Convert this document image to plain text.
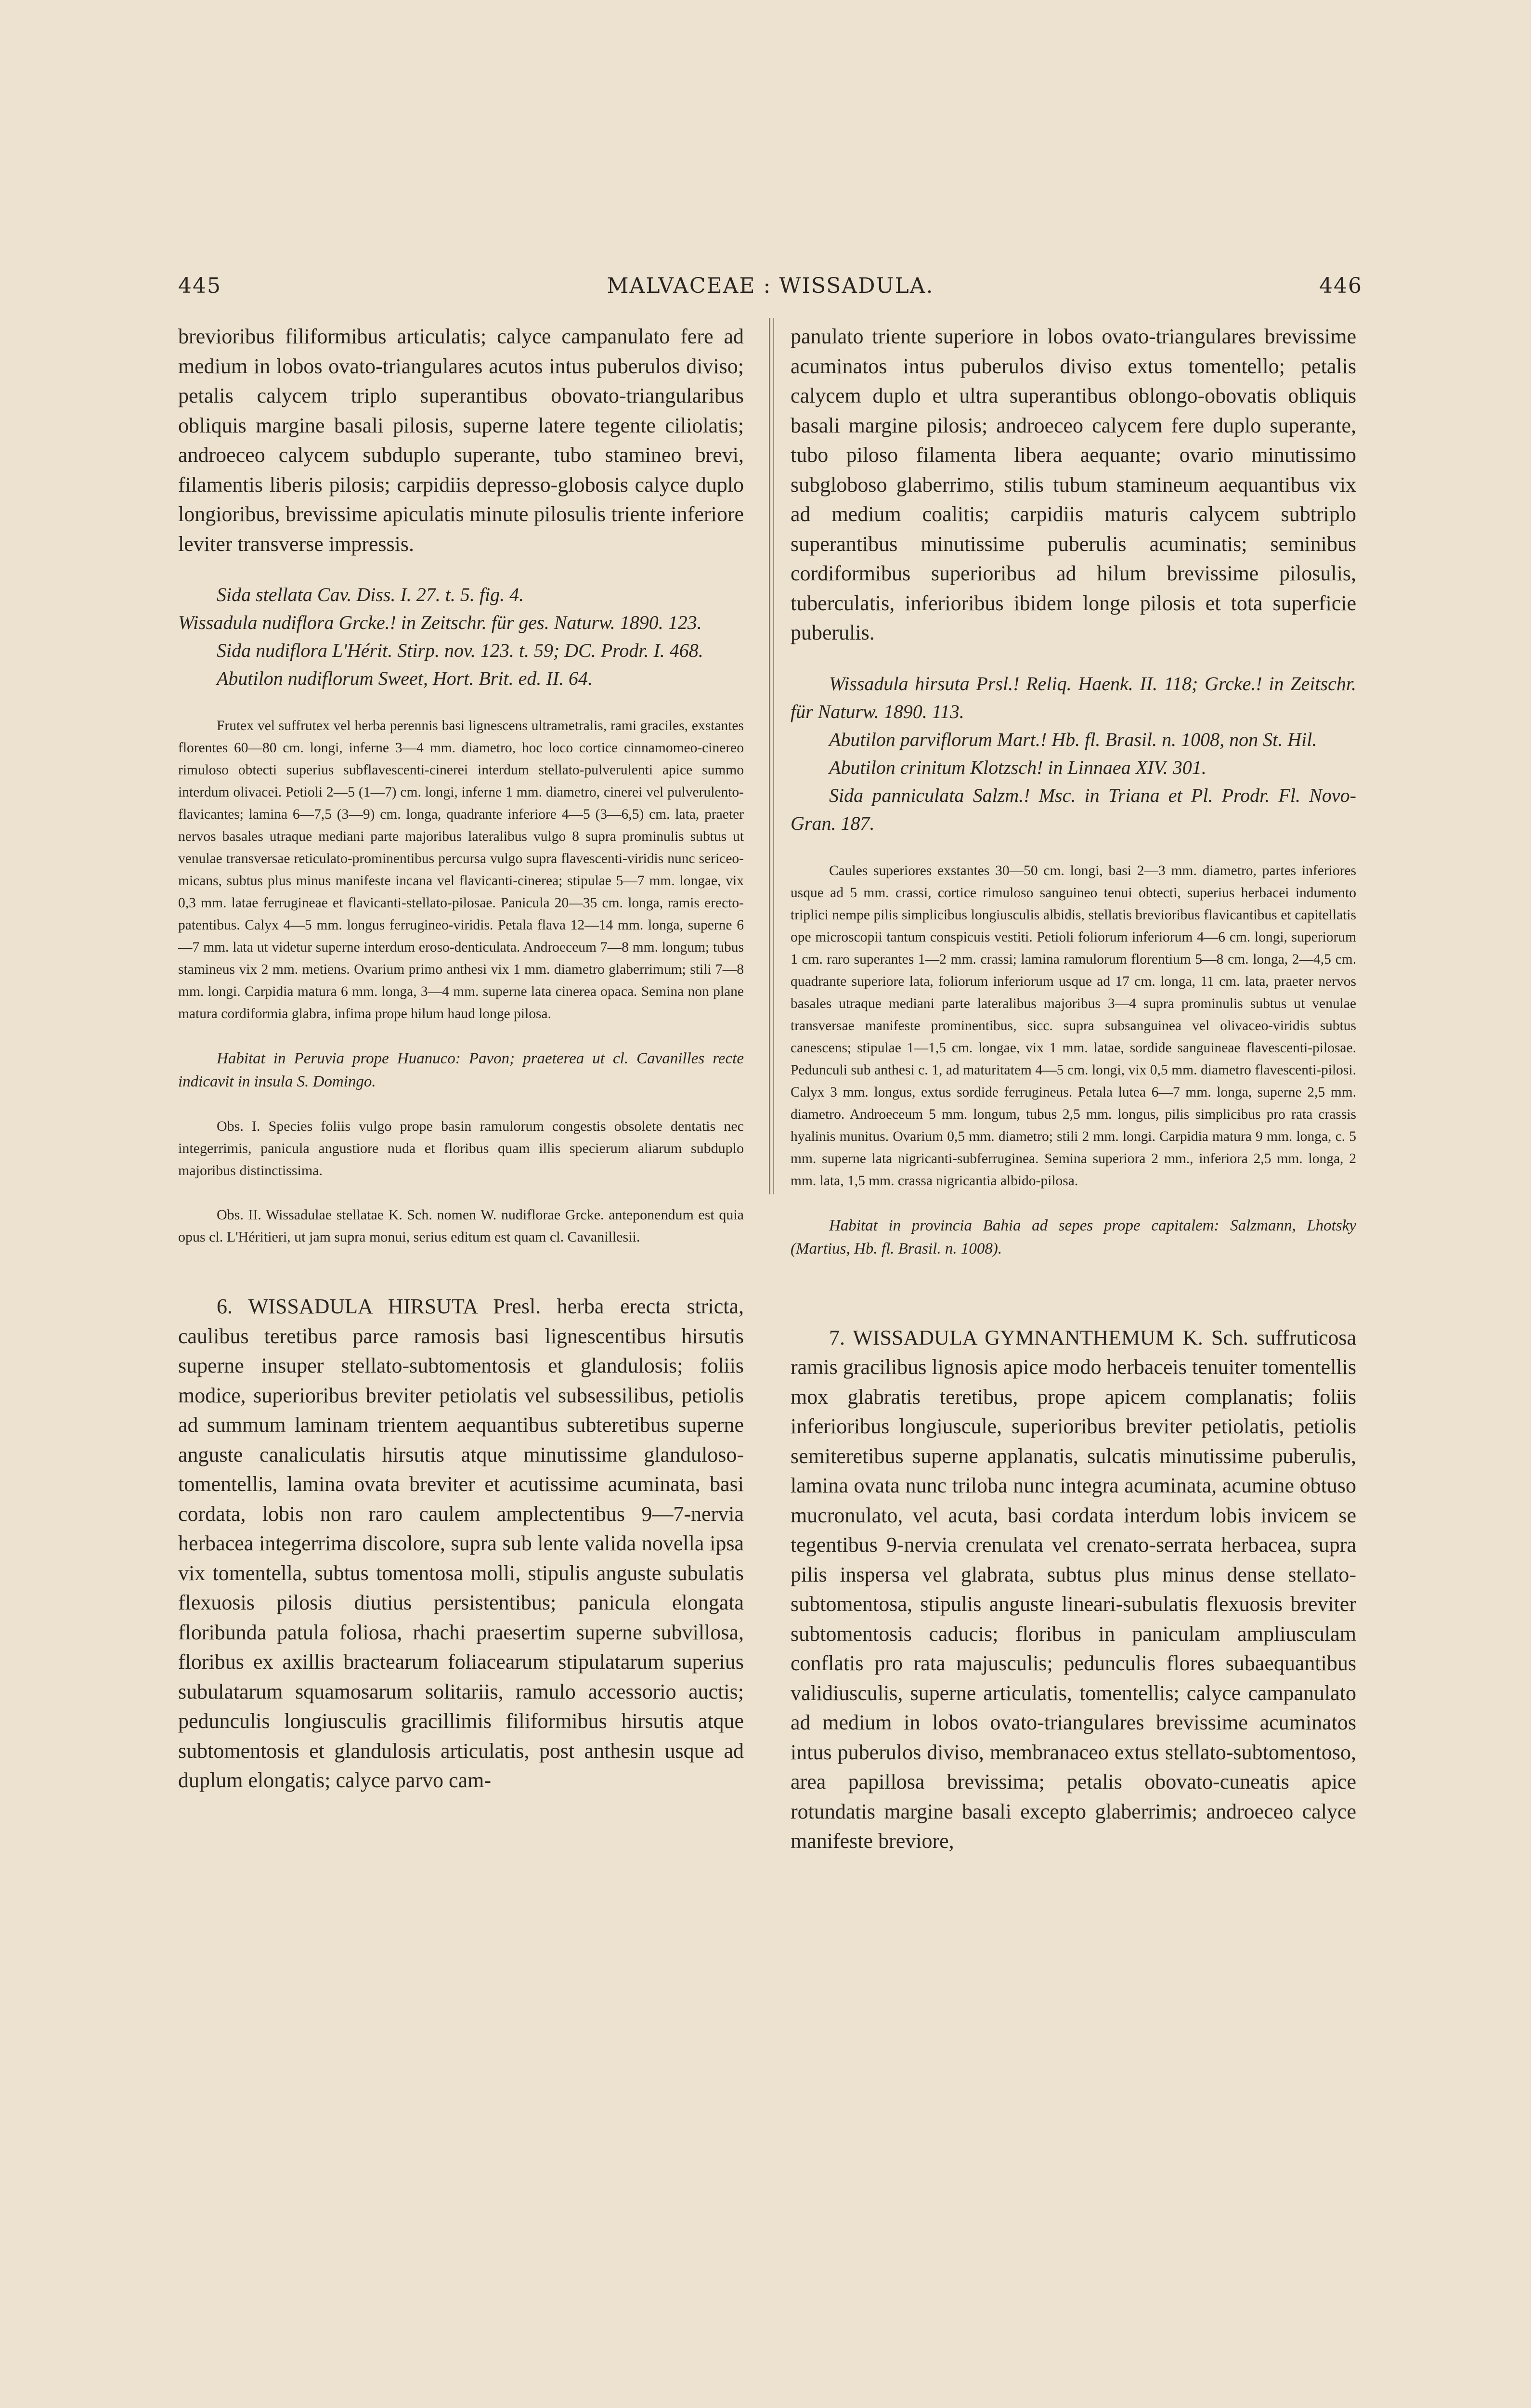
445	MALVACEAE : WISSADULA.	446

brevioribus filiformibus articulatis; calyce campanulato fere ad medium in lobos ovato-triangulares acutos intus puberulos diviso; petalis calycem triplo superantibus obovato-triangularibus obliquis margine basali pilosis, superne latere tegente ciliolatis; androeceo calycem subduplo superante, tubo stamineo brevi, filamentis liberis pilosis; carpidiis depresso-globosis calyce duplo longioribus, brevissime apiculatis minute pilosulis triente inferiore leviter transverse impressis.

Sida stellata Cav. Diss. I. 27. t. 5. fig. 4.

Wissadula nudiflora Grcke.! in Zeitschr. für ges. Naturw. 1890. 123.

Sida nudiflora L'Hérit. Stirp. nov. 123. t. 59; DC. Prodr. I. 468.

Abutilon nudiflorum Sweet, Hort. Brit. ed. II. 64.

Frutex vel suffrutex vel herba perennis basi lignescens ultrametralis, rami graciles, exstantes florentes 60—80 cm. longi, inferne 3—4 mm. diametro, hoc loco cortice cinnamomeo-cinereo rimuloso obtecti superius subflavescenti-cinerei interdum stellato-pulverulenti apice summo interdum olivacei. Petioli 2—5 (1—7) cm. longi, inferne 1 mm. diametro, cinerei vel pulverulento-flavicantes; lamina 6—7,5 (3—9) cm. longa, quadrante inferiore 4—5 (3—6,5) cm. lata, praeter nervos basales utraque mediani parte majoribus lateralibus vulgo 8 supra prominulis subtus ut venulae transversae reticulato-prominentibus percursa vulgo supra flavescenti-viridis nunc sericeo-micans, subtus plus minus manifeste incana vel flavicanti-cinerea; stipulae 5—7 mm. longae, vix 0,3 mm. latae ferrugineae et flavicanti-stellato-pilosae. Panicula 20—35 cm. longa, ramis erecto-patentibus. Calyx 4—5 mm. longus ferrugineo-viridis. Petala flava 12—14 mm. longa, superne 6—7 mm. lata ut videtur superne interdum eroso-denticulata. Androeceum 7—8 mm. longum; tubus stamineus vix 2 mm. metiens. Ovarium primo anthesi vix 1 mm. diametro glaberrimum; stili 7—8 mm. longi. Carpidia matura 6 mm. longa, 3—4 mm. superne lata cinerea opaca. Semina non plane matura cordiformia glabra, infima prope hilum haud longe pilosa.

Habitat in Peruvia prope Huanuco: Pavon; praeterea ut cl. Cavanilles recte indicavit in insula S. Domingo.

Obs. I. Species foliis vulgo prope basin ramulorum congestis obsolete dentatis nec integerrimis, panicula angustiore nuda et floribus quam illis specierum aliarum subduplo majoribus distinctissima.

Obs. II. Wissadulae stellatae K. Sch. nomen W. nudiflorae Grcke. anteponendum est quia opus cl. L'Héritieri, ut jam supra monui, serius editum est quam cl. Cavanillesii.

6. WISSADULA HIRSUTA Presl. herba erecta stricta, caulibus teretibus parce ramosis basi lignescentibus hirsutis superne insuper stellato-subtomentosis et glandulosis; foliis modice, superioribus breviter petiolatis vel subsessilibus, petiolis ad summum laminam trientem aequantibus subteretibus superne anguste canaliculatis hirsutis atque minutissime glanduloso-tomentellis, lamina ovata breviter et acutissime acuminata, basi cordata, lobis non raro caulem amplectentibus 9—7-nervia herbacea integerrima discolore, supra sub lente valida novella ipsa vix tomentella, subtus tomentosa molli, stipulis anguste subulatis flexuosis pilosis diutius persistentibus; panicula elongata floribunda patula foliosa, rhachi praesertim superne subvillosa, floribus ex axillis bractearum foliacearum stipulatarum superius subulatarum squamosarum solitariis, ramulo accessorio auctis; pedunculis longiusculis gracillimis filiformibus hirsutis atque subtomentosis et glandulosis articulatis, post anthesin usque ad duplum elongatis; calyce parvo cam-

panulato triente superiore in lobos ovato-triangulares brevissime acuminatos intus puberulos diviso extus tomentello; petalis calycem duplo et ultra superantibus oblongo-obovatis obliquis basali margine pilosis; androeceo calycem fere duplo superante, tubo piloso filamenta libera aequante; ovario minutissimo subgloboso glaberrimo, stilis tubum stamineum aequantibus vix ad medium coalitis; carpidiis maturis calycem subtriplo superantibus minutissime puberulis acuminatis; seminibus cordiformibus superioribus ad hilum brevissime pilosulis, tuberculatis, inferioribus ibidem longe pilosis et tota superficie puberulis.

Wissadula hirsuta Prsl.! Reliq. Haenk. II. 118; Grcke.! in Zeitschr. für Naturw. 1890. 113.

Abutilon parviflorum Mart.! Hb. fl. Brasil. n. 1008, non St. Hil.

Abutilon crinitum Klotzsch! in Linnaea XIV. 301.

Sida panniculata Salzm.! Msc. in Triana et Pl. Prodr. Fl. Novo-Gran. 187.

Caules superiores exstantes 30—50 cm. longi, basi 2—3 mm. diametro, partes inferiores usque ad 5 mm. crassi, cortice rimuloso sanguineo tenui obtecti, superius herbacei indumento triplici nempe pilis simplicibus longiusculis albidis, stellatis brevioribus flavicantibus et capitellatis ope microscopii tantum conspicuis vestiti. Petioli foliorum inferiorum 4—6 cm. longi, superiorum 1 cm. raro superantes 1—2 mm. crassi; lamina ramulorum florentium 5—8 cm. longa, 2—4,5 cm. quadrante superiore lata, foliorum inferiorum usque ad 17 cm. longa, 11 cm. lata, praeter nervos basales utraque mediani parte lateralibus majoribus 3—4 supra prominulis subtus ut venulae transversae manifeste prominentibus, sicc. supra subsanguinea vel olivaceo-viridis subtus canescens; stipulae 1—1,5 cm. longae, vix 1 mm. latae, sordide sanguineae flavescenti-pilosae. Pedunculi sub anthesi c. 1, ad maturitatem 4—5 cm. longi, vix 0,5 mm. diametro flavescenti-pilosi. Calyx 3 mm. longus, extus sordide ferrugineus. Petala lutea 6—7 mm. longa, superne 2,5 mm. diametro. Androeceum 5 mm. longum, tubus 2,5 mm. longus, pilis simplicibus pro rata crassis hyalinis munitus. Ovarium 0,5 mm. diametro; stili 2 mm. longi. Carpidia matura 9 mm. longa, c. 5 mm. superne lata nigricanti-subferruginea. Semina superiora 2 mm., inferiora 2,5 mm. longa, 2 mm. lata, 1,5 mm. crassa nigricantia albido-pilosa.

Habitat in provincia Bahia ad sepes prope capitalem: Salzmann, Lhotsky (Martius, Hb. fl. Brasil. n. 1008).

7. WISSADULA GYMNANTHEMUM K. Sch. suffruticosa ramis gracilibus lignosis apice modo herbaceis tenuiter tomentellis mox glabratis teretibus, prope apicem complanatis; foliis inferioribus longiuscule, superioribus breviter petiolatis, petiolis semiteretibus superne applanatis, sulcatis minutissime puberulis, lamina ovata nunc triloba nunc integra acuminata, acumine obtuso mucronulato, vel acuta, basi cordata interdum lobis invicem se tegentibus 9-nervia crenulata vel crenato-serrata herbacea, supra pilis inspersa vel glabrata, subtus plus minus dense stellato-subtomentosa, stipulis anguste lineari-subulatis flexuosis breviter subtomentosis caducis; floribus in paniculam ampliusculam conflatis pro rata majusculis; pedunculis flores subaequantibus validiusculis, superne articulatis, tomentellis; calyce campanulato ad medium in lobos ovato-triangulares brevissime acuminatos intus puberulos diviso, membranaceo extus stellato-subtomentoso, area papillosa brevissima; petalis obovato-cuneatis apice rotundatis margine basali excepto glaberrimis; androeceo calyce manifeste breviore,
